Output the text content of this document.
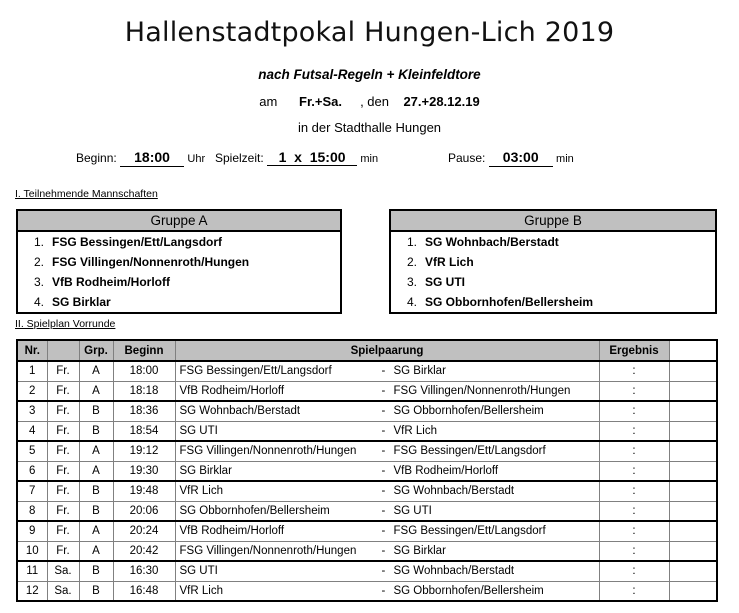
Hallenstadtpokal Hungen-Lich 2019
nach Futsal-Regeln + Kleinfeldtore
am Fr.+Sa. , den 27.+28.12.19
in der Stadthalle Hungen
Beginn: 18:00 Uhr Spielzeit: 1 x 15:00 min	Pause: 03:00 min
I. Teilnehmende Mannschaften
Gruppe A
1. FSG Bessingen/Ett/Langsdorf
2. FSG Villingen/Nonnenroth/Hungen
3. VfB Rodheim/Horloff
4. SG Birklar
Gruppe B
1. SG Wohnbach/Berstadt
2. VfR Lich
3. SG UTI
4. SG Obbornhofen/Bellersheim
II. Spielplan Vorrunde
Nr.		Grp.	Beginn	Spielpaarung	Ergebnis	
1	Fr.	A	18:00	FSG Bessingen/Ett/Langsdorf - SG Birklar	:	
2	Fr.	A	18:18	VfB Rodheim/Horloff - FSG Villingen/Nonnenroth/Hungen	:	
3	Fr.	B	18:36	SG Wohnbach/Berstadt - SG Obbornhofen/Bellersheim	:	
4	Fr.	B	18:54	SG UTI - VfR Lich	:	
5	Fr.	A	19:12	FSG Villingen/Nonnenroth/Hungen - FSG Bessingen/Ett/Langsdorf	:	
6	Fr.	A	19:30	SG Birklar - VfB Rodheim/Horloff	:	
7	Fr.	B	19:48	VfR Lich - SG Wohnbach/Berstadt	:	
8	Fr.	B	20:06	SG Obbornhofen/Bellersheim - SG UTI	:	
9	Fr.	A	20:24	VfB Rodheim/Horloff - FSG Bessingen/Ett/Langsdorf	:	
10	Fr.	A	20:42	FSG Villingen/Nonnenroth/Hungen - SG Birklar	:	
11	Sa.	B	16:30	SG UTI - SG Wohnbach/Berstadt	:	
12	Sa.	B	16:48	VfR Lich - SG Obbornhofen/Bellersheim	:	
